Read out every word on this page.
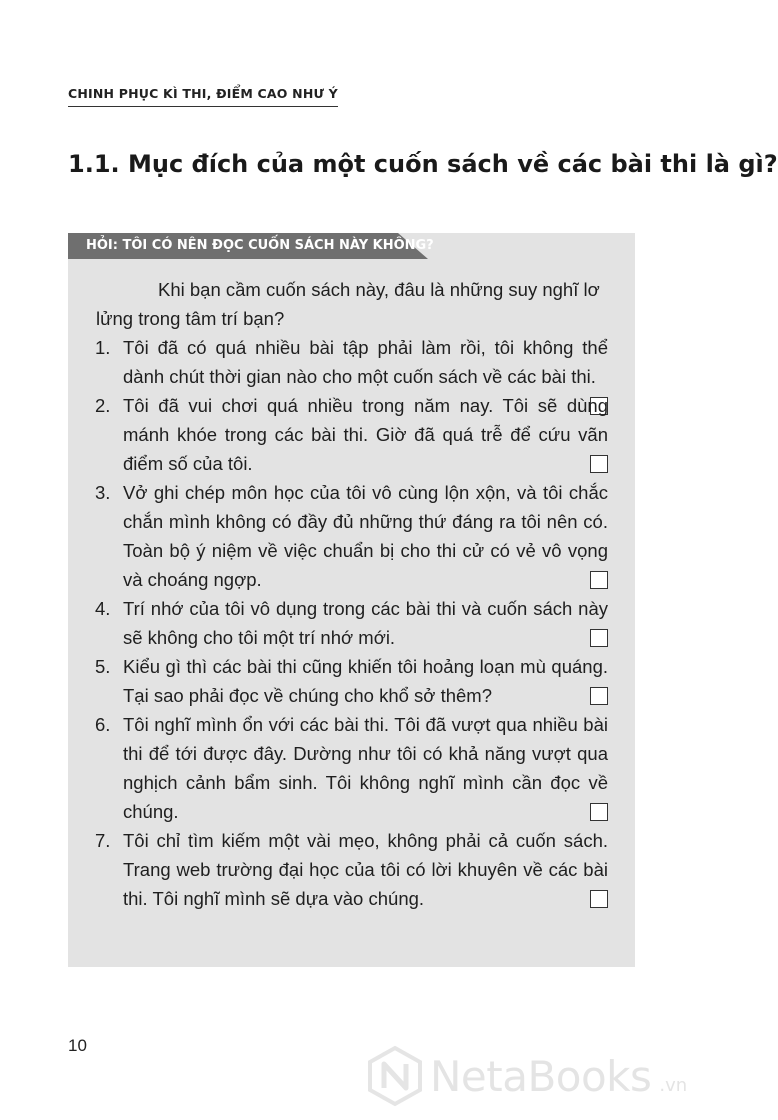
CHINH PHỤC KÌ THI, ĐIỂM CAO NHƯ Ý
1.1. Mục đích của một cuốn sách về các bài thi là gì?
HỎI: TÔI CÓ NÊN ĐỌC CUỐN SÁCH NÀY KHÔNG?

Khi bạn cầm cuốn sách này, đâu là những suy nghĩ lơ lửng trong tâm trí bạn?

1. Tôi đã có quá nhiều bài tập phải làm rồi, tôi không thể dành chút thời gian nào cho một cuốn sách về các bài thi.
2. Tôi đã vui chơi quá nhiều trong năm nay. Tôi sẽ dùng mánh khóe trong các bài thi. Giờ đã quá trễ để cứu vãn điểm số của tôi.
3. Vở ghi chép môn học của tôi vô cùng lộn xộn, và tôi chắc chắn mình không có đầy đủ những thứ đáng ra tôi nên có. Toàn bộ ý niệm về việc chuẩn bị cho thi cử có vẻ vô vọng và choáng ngợp.
4. Trí nhớ của tôi vô dụng trong các bài thi và cuốn sách này sẽ không cho tôi một trí nhớ mới.
5. Kiểu gì thì các bài thi cũng khiến tôi hoảng loạn mù quáng. Tại sao phải đọc về chúng cho khổ sở thêm?
6. Tôi nghĩ mình ổn với các bài thi. Tôi đã vượt qua nhiều bài thi để tới được đây. Dường như tôi có khả năng vượt qua nghịch cảnh bẩm sinh. Tôi không nghĩ mình cần đọc về chúng.
7. Tôi chỉ tìm kiếm một vài mẹo, không phải cả cuốn sách. Trang web trường đại học của tôi có lời khuyên về các bài thi. Tôi nghĩ mình sẽ dựa vào chúng.
10
NetaBooks .vn
